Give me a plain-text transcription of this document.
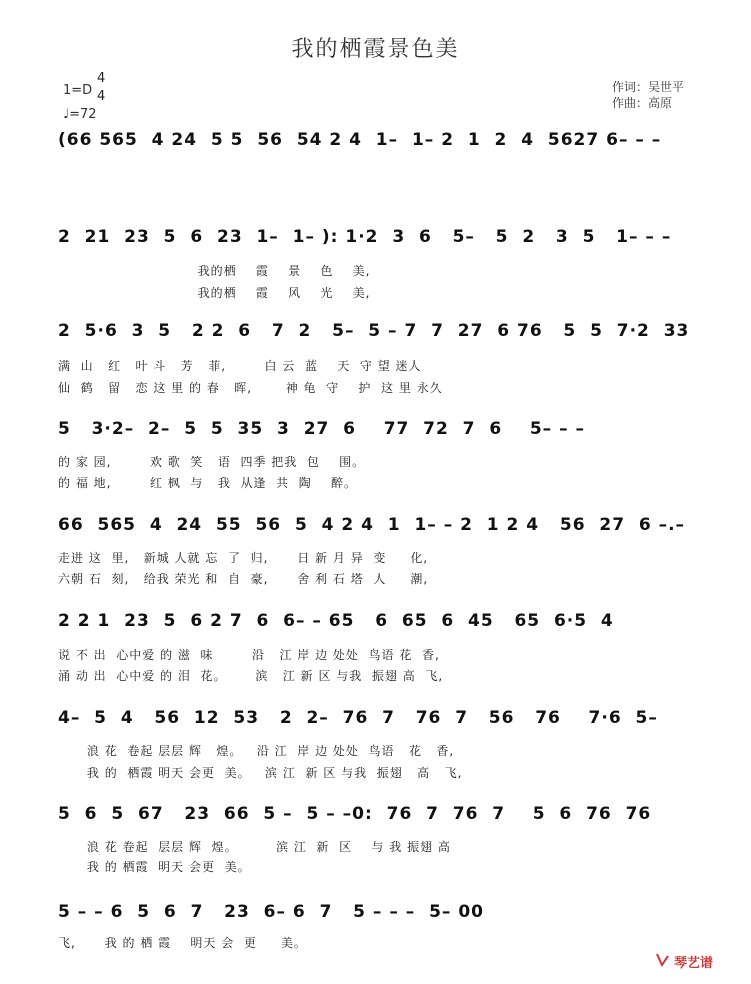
我的栖霞景色美
1=D
4
4
♩=72
作词：吴世平
作曲：高原
(66 565  4 24  5 5  56  54 2 4  1–  1– 2  1  2  4  5627 6– – –
2  21  23  5  6  23  1–  1– ): 1·2  3  6   5–   5  2   3  5   1– – –
我的栖    霞    景    色    美,
我的栖    霞    风    光    美,
2  5·6  3  5   2 2  6   7  2   5–  5 – 7  7  27  6 76   5  5  7·2  33
满  山   红   叶 斗   芳   菲,        白 云  蓝    天  守 望 迷人
仙  鹤   留   恋 这 里 的 春   晖,       神 龟  守    护  这 里 永久
5   3·2–  2–  5  5  35  3  27  6    77  72  7  6    5– – –
的 家 园,        欢 歌  笑   语  四季 把我  包    围。
的 福 地,        红 枫  与   我  从逢  共  陶    醉。
66  565  4  24  55  56  5  4 2 4  1  1– – 2  1 2 4   56  27  6 –.–
走进 这  里,   新城 人就 忘  了  归,      日 新 月 异  变     化,
六朝 石  刻,   给我 荣光 和  自  豪,      舍 利 石 塔  人     潮,
2 2 1  23  5  6 2 7  6  6– – 65   6  65  6  45   65  6·5  4
说 不 出  心中爱 的 滋  味        沿   江 岸 边 处处  鸟语 花  香,
涌 动 出  心中爱 的 泪  花。      滨   江 新 区 与我  振翅 高  飞,
4–  5  4   56  12  53   2  2–  76  7   76  7   56   76    7·6  5–
浪 花  卷起 层层 辉   煌。   沿 江  岸 边 处处  鸟语   花   香,
我 的  栖霞 明天 会更  美。   滨 江  新 区 与我  振翅   高   飞,
5  6  5  67   23  66  5 –  5 – –0:  76  7  76  7    5  6  76  76
浪 花 卷起  层层 辉  煌。        滨 江  新  区    与 我 振翅 高
我 的 栖霞  明天 会更  美。
5 – – 6  5  6  7   23  6– 6  7   5 – – –  5– 00
飞,      我 的 栖 霞    明天 会  更     美。
琴艺谱
